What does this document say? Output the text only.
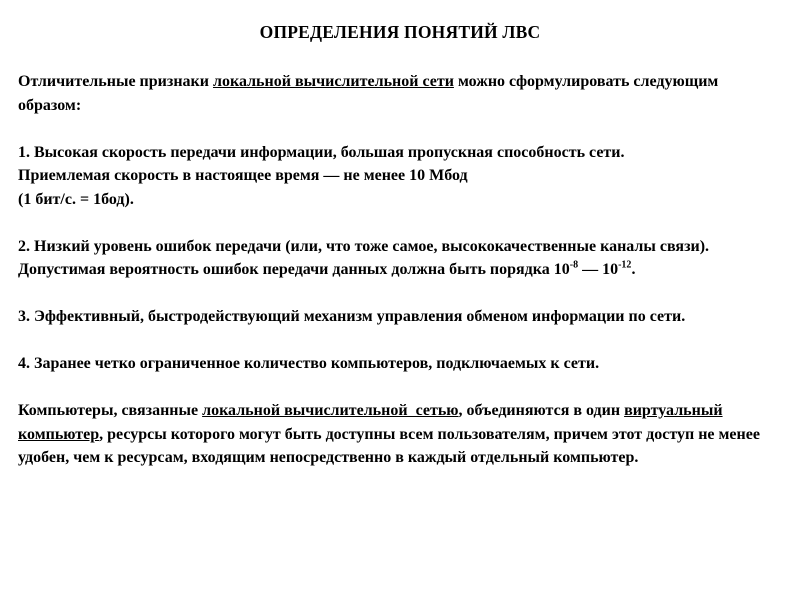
ОПРЕДЕЛЕНИЯ ПОНЯТИЙ ЛВС

Отличительные признаки локальной вычислительной сети можно сформулировать следующим образом:

1. Высокая скорость передачи информации, большая пропускная способность сети.
Приемлемая скорость в настоящее время — не менее 10 Мбод
(1 бит/с. = 1бод).

2. Низкий уровень ошибок передачи (или, что тоже самое, высококачественные каналы связи). Допустимая вероятность ошибок передачи данных должна быть порядка $10^{-8}$ — $10^{-12}$.

3. Эффективный, быстродействующий механизм управления обменом информации по сети.

4. Заранее четко ограниченное количество компьютеров, подключаемых к сети.

Компьютеры, связанные локальной вычислительной  сетью, объединяются в один виртуальный компьютер, ресурсы которого могут быть доступны всем пользователям, причем этот доступ не менее удобен, чем к ресурсам, входящим непосредственно в каждый отдельный компьютер.
